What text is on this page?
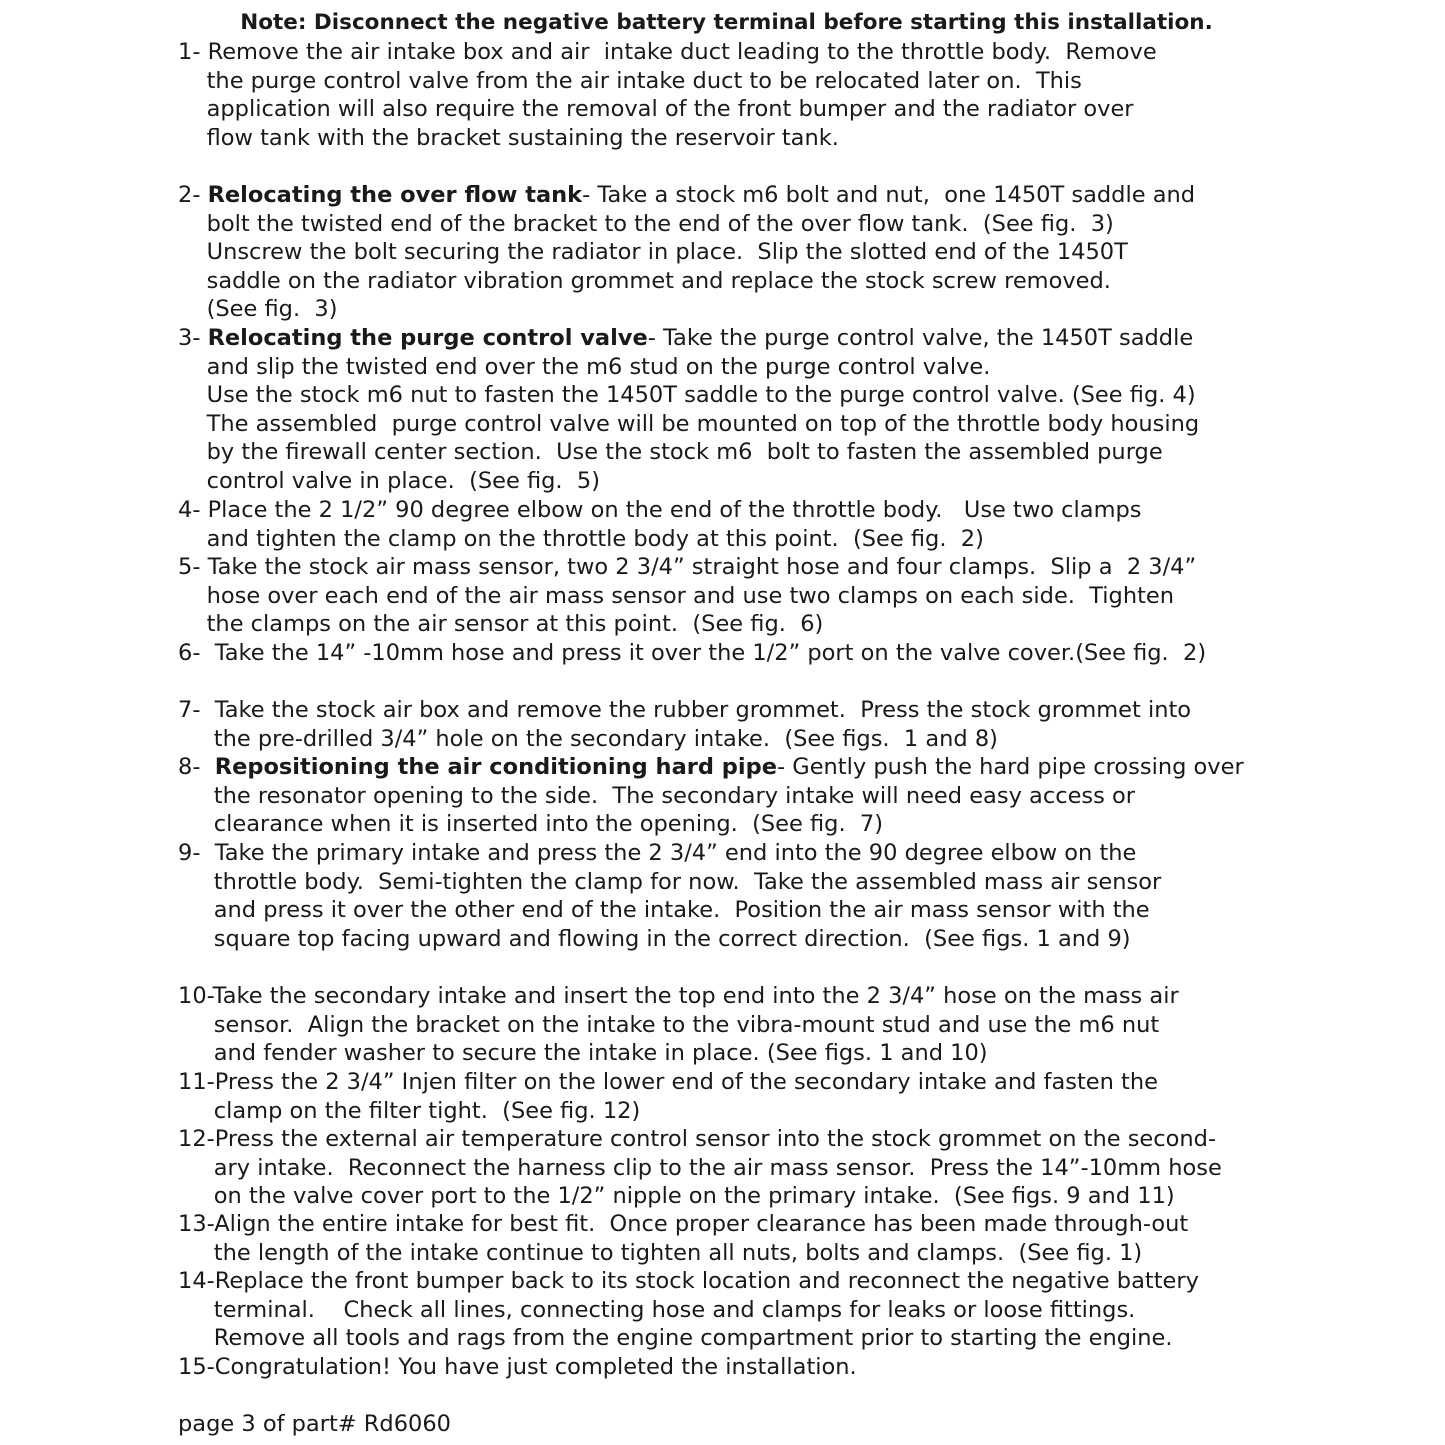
Note: Disconnect the negative battery terminal before starting this installation.
1- Remove the air intake box and air  intake duct leading to the throttle body.  Remove
the purge control valve from the air intake duct to be relocated later on.  This
application will also require the removal of the front bumper and the radiator over
flow tank with the bracket sustaining the reservoir tank.
2- Relocating the over flow tank- Take a stock m6 bolt and nut,  one 1450T saddle and
bolt the twisted end of the bracket to the end of the over flow tank.  (See fig.  3)
Unscrew the bolt securing the radiator in place.  Slip the slotted end of the 1450T
saddle on the radiator vibration grommet and replace the stock screw removed.
(See fig.  3)
3- Relocating the purge control valve- Take the purge control valve, the 1450T saddle
and slip the twisted end over the m6 stud on the purge control valve.
Use the stock m6 nut to fasten the 1450T saddle to the purge control valve. (See fig. 4)
The assembled  purge control valve will be mounted on top of the throttle body housing
by the firewall center section.  Use the stock m6  bolt to fasten the assembled purge
control valve in place.  (See fig.  5)
4- Place the 2 1/2” 90 degree elbow on the end of the throttle body.   Use two clamps
and tighten the clamp on the throttle body at this point.  (See fig.  2)
5- Take the stock air mass sensor, two 2 3/4” straight hose and four clamps.  Slip a  2 3/4”
hose over each end of the air mass sensor and use two clamps on each side.  Tighten
the clamps on the air sensor at this point.  (See fig.  6)
6-  Take the 14” -10mm hose and press it over the 1/2” port on the valve cover.(See fig.  2)
7-  Take the stock air box and remove the rubber grommet.  Press the stock grommet into
the pre-drilled 3/4” hole on the secondary intake.  (See figs.  1 and 8)
8-  Repositioning the air conditioning hard pipe- Gently push the hard pipe crossing over
the resonator opening to the side.  The secondary intake will need easy access or
clearance when it is inserted into the opening.  (See fig.  7)
9-  Take the primary intake and press the 2 3/4” end into the 90 degree elbow on the
throttle body.  Semi-tighten the clamp for now.  Take the assembled mass air sensor
and press it over the other end of the intake.  Position the air mass sensor with the
square top facing upward and flowing in the correct direction.  (See figs. 1 and 9)
10-Take the secondary intake and insert the top end into the 2 3/4” hose on the mass air
sensor.  Align the bracket on the intake to the vibra-mount stud and use the m6 nut
and fender washer to secure the intake in place. (See figs. 1 and 10)
11-Press the 2 3/4” Injen filter on the lower end of the secondary intake and fasten the
clamp on the filter tight.  (See fig. 12)
12-Press the external air temperature control sensor into the stock grommet on the second-
ary intake.  Reconnect the harness clip to the air mass sensor.  Press the 14”-10mm hose
on the valve cover port to the 1/2” nipple on the primary intake.  (See figs. 9 and 11)
13-Align the entire intake for best fit.  Once proper clearance has been made through-out
the length of the intake continue to tighten all nuts, bolts and clamps.  (See fig. 1)
14-Replace the front bumper back to its stock location and reconnect the negative battery
terminal.    Check all lines, connecting hose and clamps for leaks or loose fittings.
Remove all tools and rags from the engine compartment prior to starting the engine.
15-Congratulation! You have just completed the installation.
page 3 of part# Rd6060
